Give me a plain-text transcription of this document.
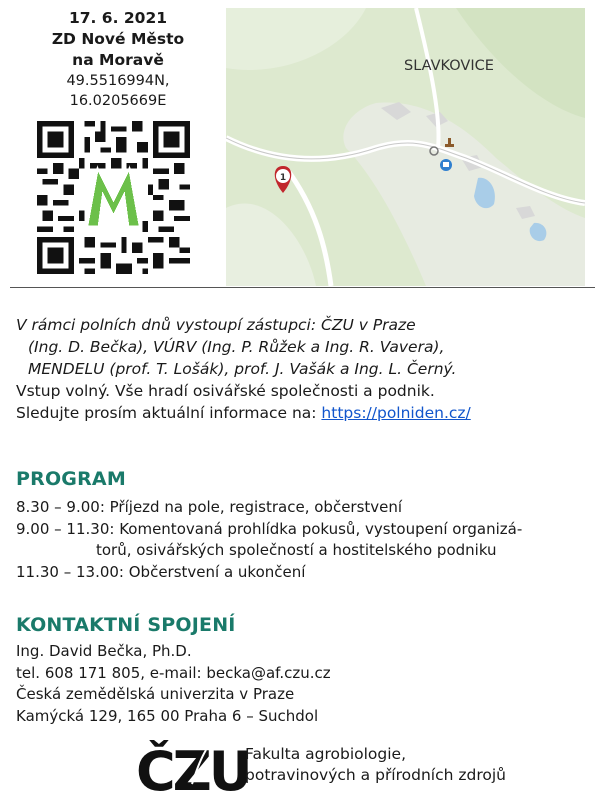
17. 6. 2021
ZD Nové Město
na Moravě
49.5516994N,
16.0205669E
SLAVKOVICE
1
V rámci polních dnů vystoupí zástupci: ČZU v Praze
(Ing. D. Bečka), VÚRV (Ing. P. Růžek a Ing. R. Vavera),
MENDELU (prof. T. Lošák), prof. J. Vašák a Ing. L. Černý.
Vstup volný. Vše hradí osivářské společnosti a podnik.
Sledujte prosím aktuální informace na: https://polniden.cz/
PROGRAM
8.30 – 9.00: Příjezd na pole, registrace, občerstvení
9.00 – 11.30: Komentovaná prohlídka pokusů, vystoupení organizá-
torů, osivářských společností a hostitelského podniku
11.30 – 13.00: Občerstvení a ukončení
KONTAKTNÍ SPOJENÍ
Ing. David Bečka, Ph.D.
tel. 608 171 805, e-mail: becka@af.czu.cz
Česká zemědělská univerzita v Praze
Kamýcká 129, 165 00 Praha 6 – Suchdol
ČZU
Fakulta agrobiologie,
potravinových a přírodních zdrojů
